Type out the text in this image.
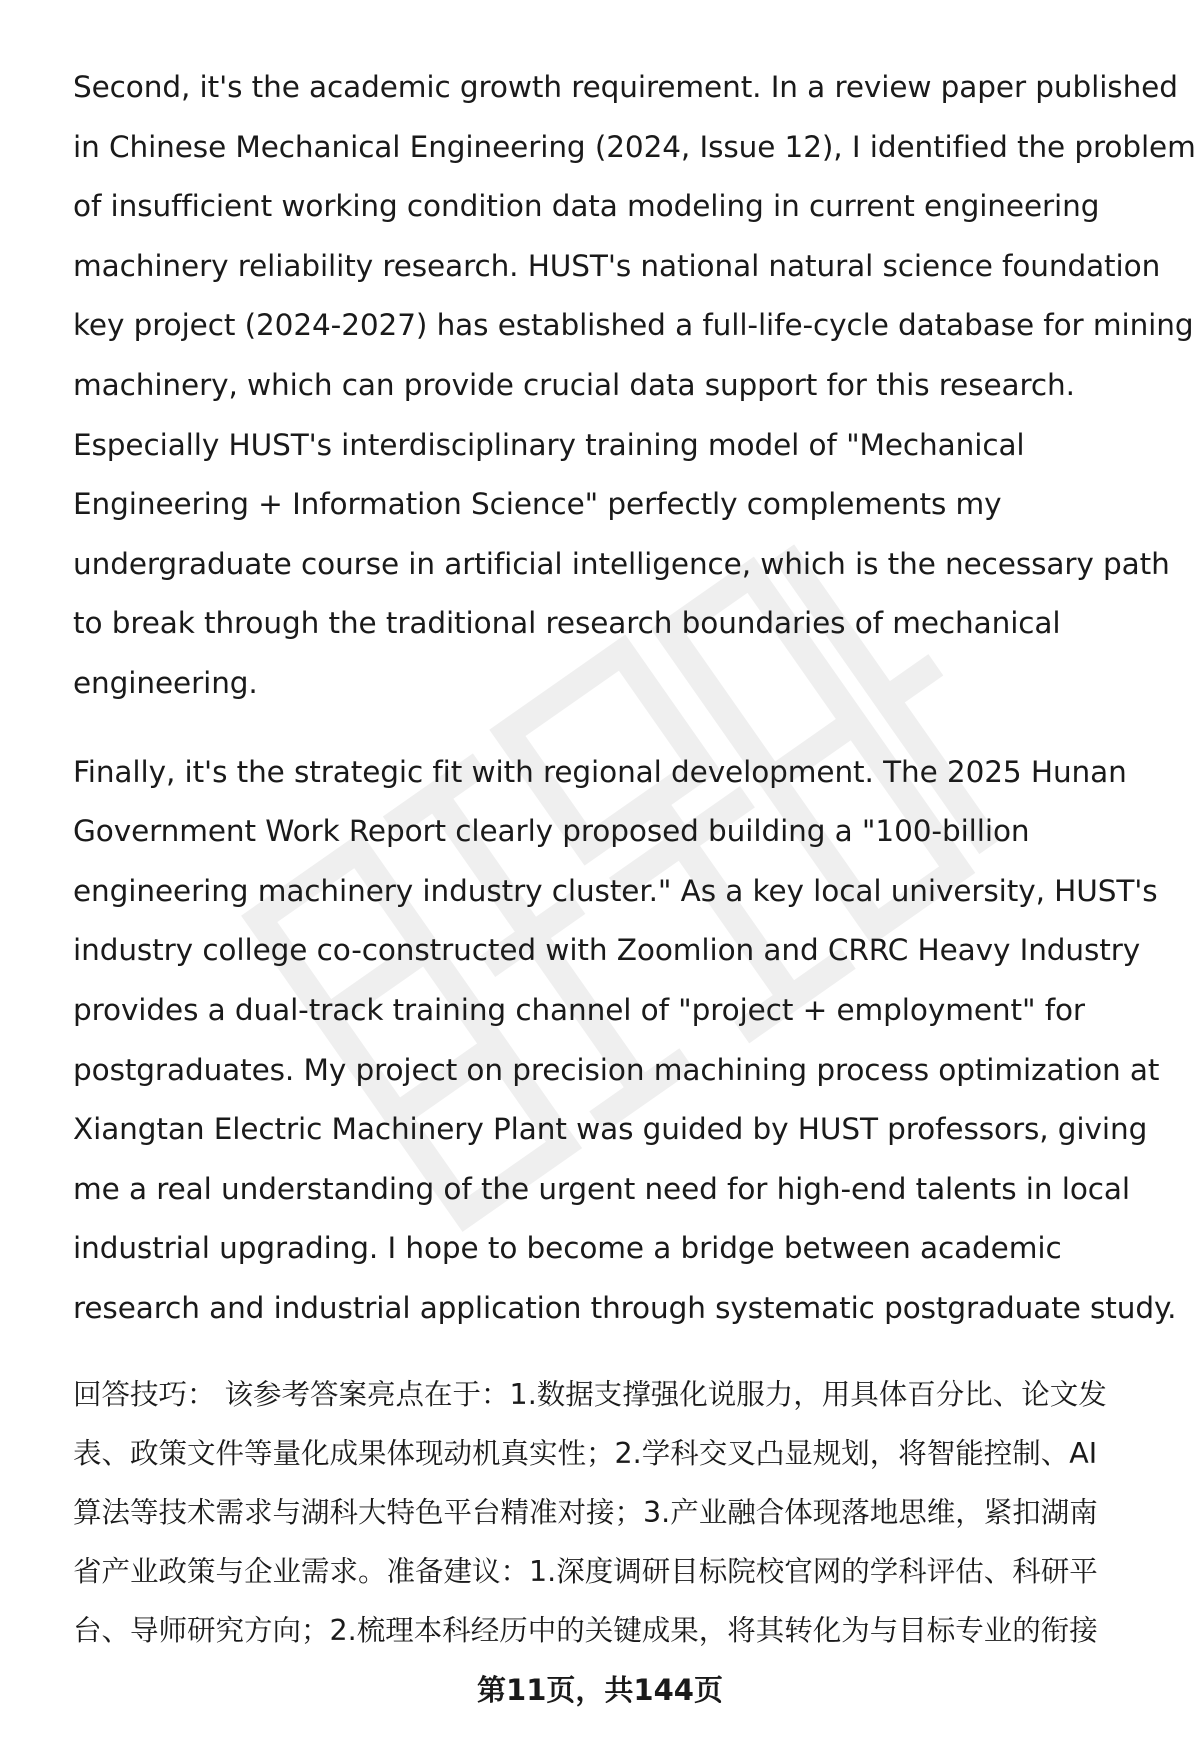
Second, it's the academic growth requirement. In a review paper published
in Chinese Mechanical Engineering (2024, Issue 12), I identified the problem
of insufficient working condition data modeling in current engineering
machinery reliability research. HUST's national natural science foundation
key project (2024-2027) has established a full-life-cycle database for mining
machinery, which can provide crucial data support for this research.
Especially HUST's interdisciplinary training model of "Mechanical
Engineering + Information Science" perfectly complements my
undergraduate course in artificial intelligence, which is the necessary path
to break through the traditional research boundaries of mechanical
engineering.
Finally, it's the strategic fit with regional development. The 2025 Hunan
Government Work Report clearly proposed building a "100-billion
engineering machinery industry cluster." As a key local university, HUST's
industry college co-constructed with Zoomlion and CRRC Heavy Industry
provides a dual-track training channel of "project + employment" for
postgraduates. My project on precision machining process optimization at
Xiangtan Electric Machinery Plant was guided by HUST professors, giving
me a real understanding of the urgent need for high-end talents in local
industrial upgrading. I hope to become a bridge between academic
research and industrial application through systematic postgraduate study.
回答技巧： 该参考答案亮点在于：1.数据支撑强化说服力，用具体百分比、论文发
表、政策文件等量化成果体现动机真实性；2.学科交叉凸显规划，将智能控制、AI
算法等技术需求与湖科大特色平台精准对接；3.产业融合体现落地思维，紧扣湖南
省产业政策与企业需求。准备建议：1.深度调研目标院校官网的学科评估、科研平
台、导师研究方向；2.梳理本科经历中的关键成果，将其转化为与目标专业的衔接
第11页，共144页
